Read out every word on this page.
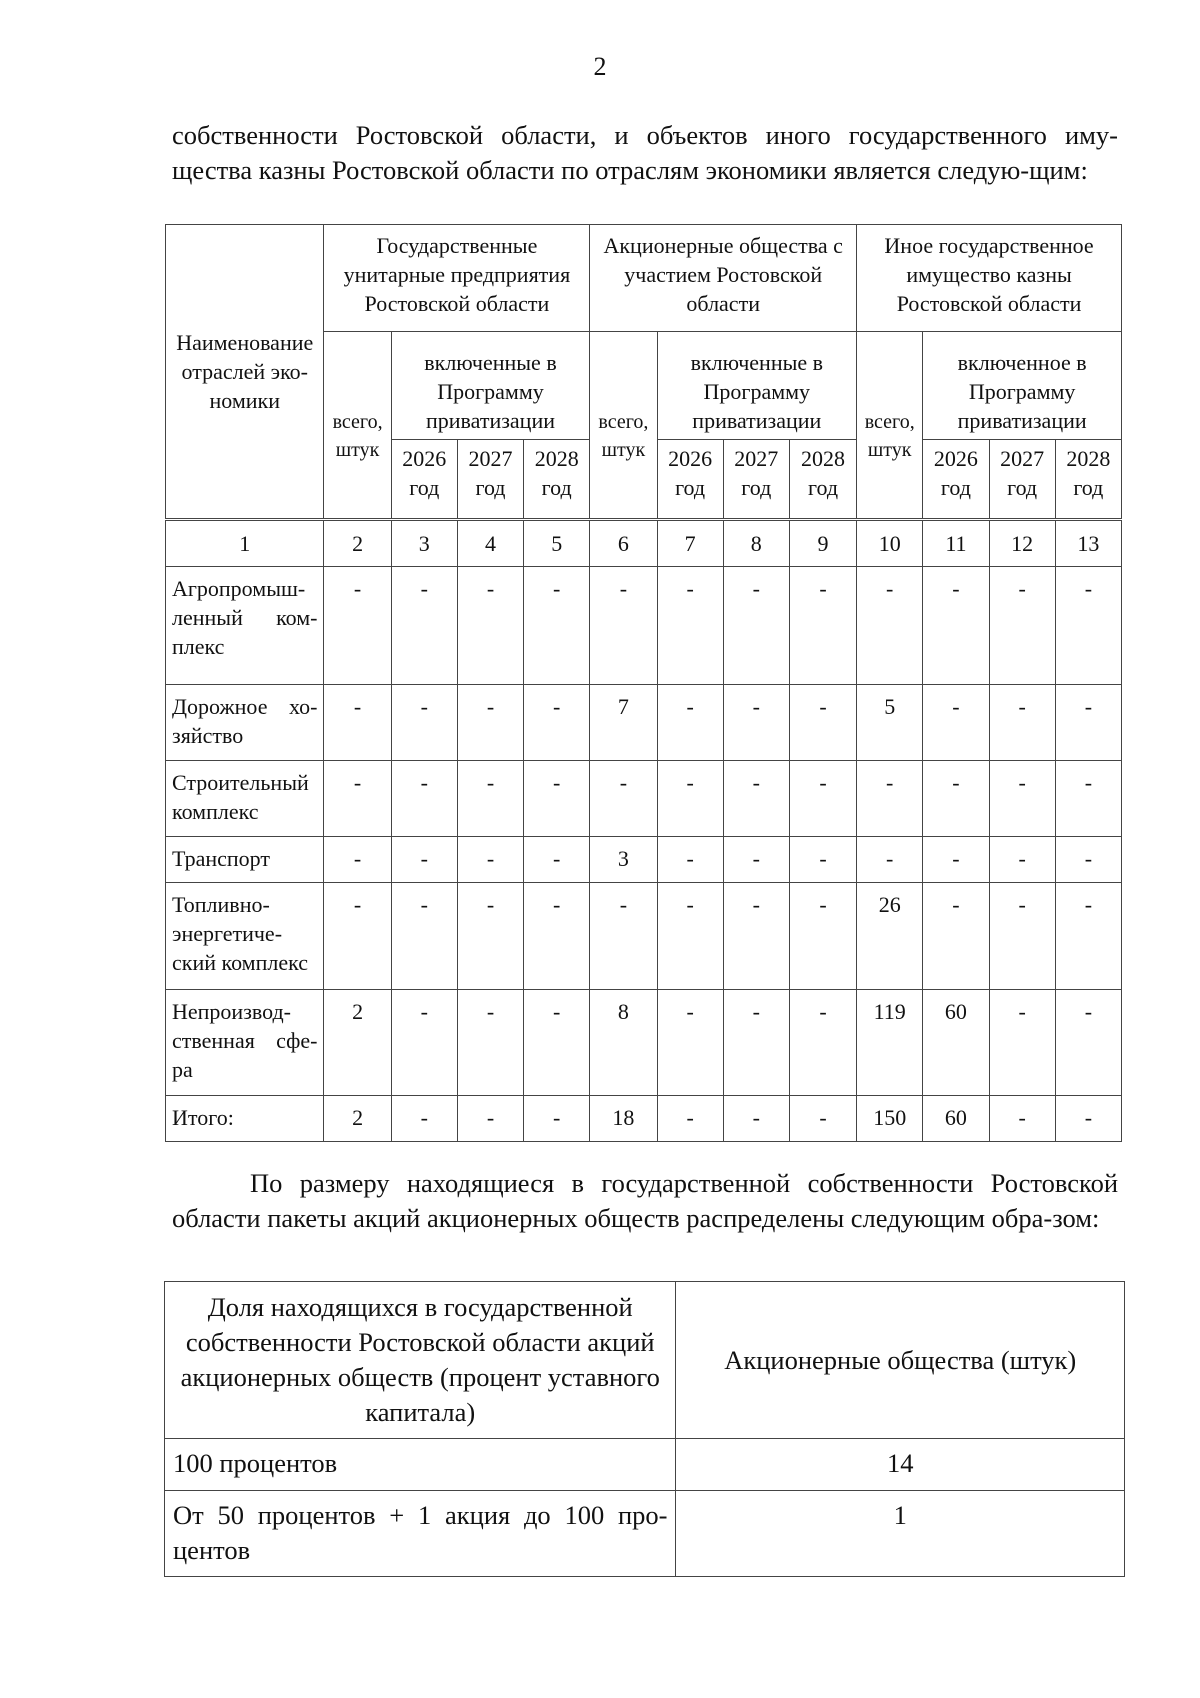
2

собственности Ростовской области, и объектов иного государственного иму-щества казны Ростовской области по отраслям экономики является следую-щим:

Наименование отраслей эко-номики	Государственные унитарные предприятия Ростовской области				Акционерные общества с участием Ростовской области				Иное государственное имущество казны Ростовской области			
	всего, штук	включенные в Программу приватизации			всего, штук	включенные в Программу приватизации			всего, штук	включенное в Программу приватизации		
		2026 год	2027 год	2028 год		2026 год	2027 год	2028 год		2026 год	2027 год	2028 год
1	2	3	4	5	6	7	8	9	10	11	12	13
Агропромыш-ленный ком-плекс	-	-	-	-	-	-	-	-	-	-	-	-
Дорожное хо-зяйство	-	-	-	-	7	-	-	-	5	-	-	-
Строительный комплекс	-	-	-	-	-	-	-	-	-	-	-	-
Транспорт	-	-	-	-	3	-	-	-	-	-	-	-
Топливно-энергетиче-ский комплекс	-	-	-	-	-	-	-	-	26	-	-	-
Непроизвод-ственная сфе-ра	2	-	-	-	8	-	-	-	119	60	-	-
Итого:	2	-	-	-	18	-	-	-	150	60	-	-

По размеру находящиеся в государственной собственности Ростовской области пакеты акций акционерных обществ распределены следующим обра-зом:

Доля находящихся в государственной собственности Ростовской области акций акционерных обществ (процент уставного капитала)	Акционерные общества (штук)
100 процентов	14
От 50 процентов + 1 акция до 100 про-центов	1
